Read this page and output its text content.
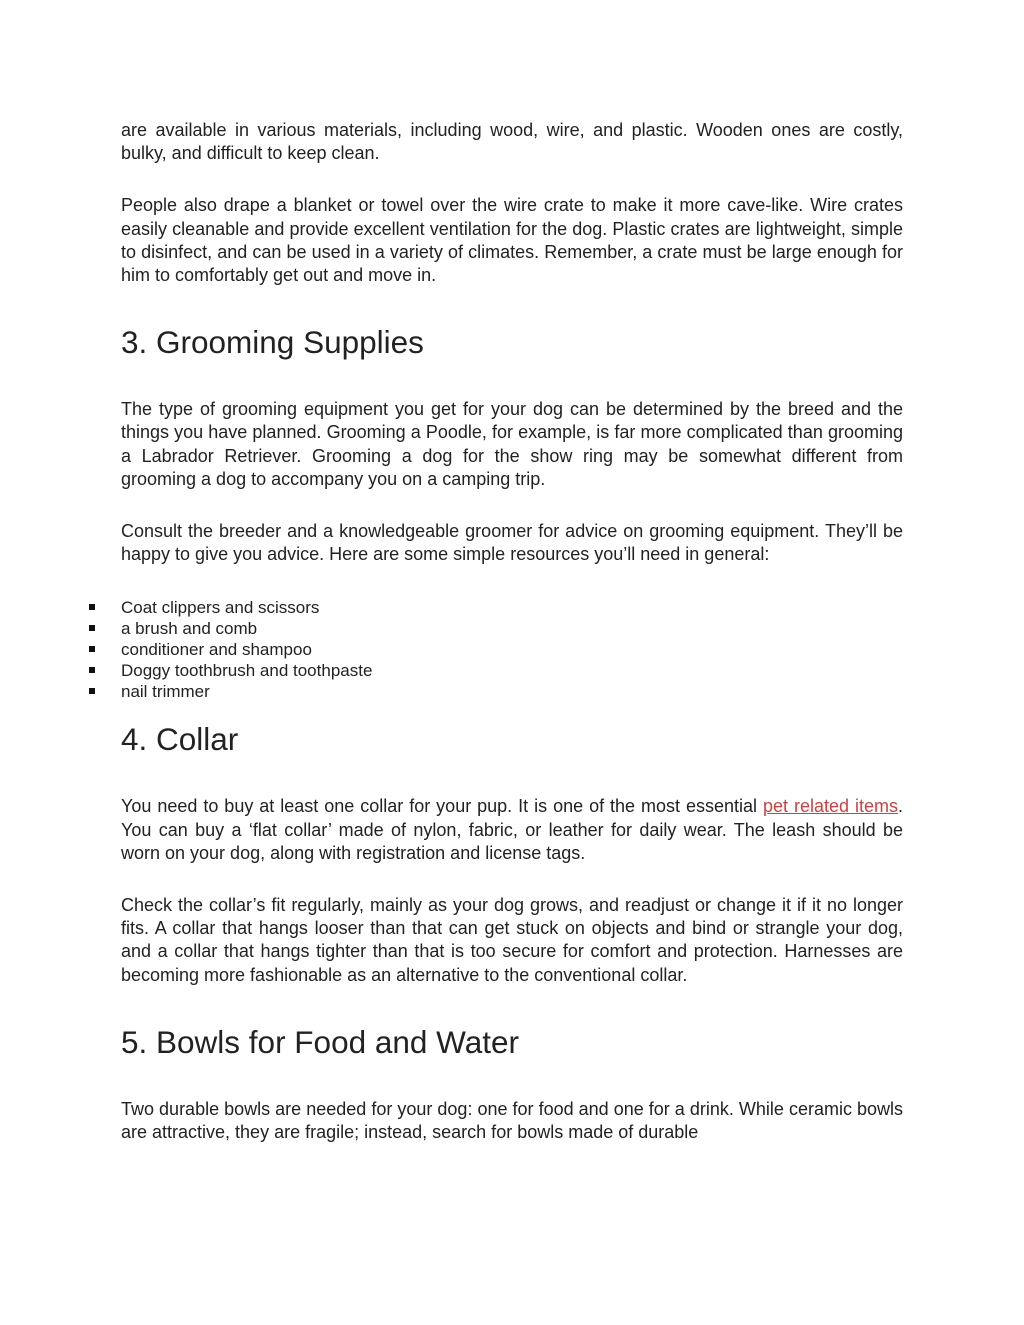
are available in various materials, including wood, wire, and plastic. Wooden ones are costly, bulky, and difficult to keep clean.

People also drape a blanket or towel over the wire crate to make it more cave-like. Wire crates easily cleanable and provide excellent ventilation for the dog. Plastic crates are lightweight, simple to disinfect, and can be used in a variety of climates. Remember, a crate must be large enough for him to comfortably get out and move in.

3. Grooming Supplies

The type of grooming equipment you get for your dog can be determined by the breed and the things you have planned. Grooming a Poodle, for example, is far more complicated than grooming a Labrador Retriever. Grooming a dog for the show ring may be somewhat different from grooming a dog to accompany you on a camping trip.

Consult the breeder and a knowledgeable groomer for advice on grooming equipment. They’ll be happy to give you advice. Here are some simple resources you’ll need in general:

Coat clippers and scissors
a brush and comb
conditioner and shampoo
Doggy toothbrush and toothpaste
nail trimmer
4. Collar

You need to buy at least one collar for your pup. It is one of the most essential pet related items. You can buy a ‘flat collar’ made of nylon, fabric, or leather for daily wear. The leash should be worn on your dog, along with registration and license tags.

Check the collar’s fit regularly, mainly as your dog grows, and readjust or change it if it no longer fits. A collar that hangs looser than that can get stuck on objects and bind or strangle your dog, and a collar that hangs tighter than that is too secure for comfort and protection. Harnesses are becoming more fashionable as an alternative to the conventional collar.

5. Bowls for Food and Water

Two durable bowls are needed for your dog: one for food and one for a drink. While ceramic bowls are attractive, they are fragile; instead, search for bowls made of durable
